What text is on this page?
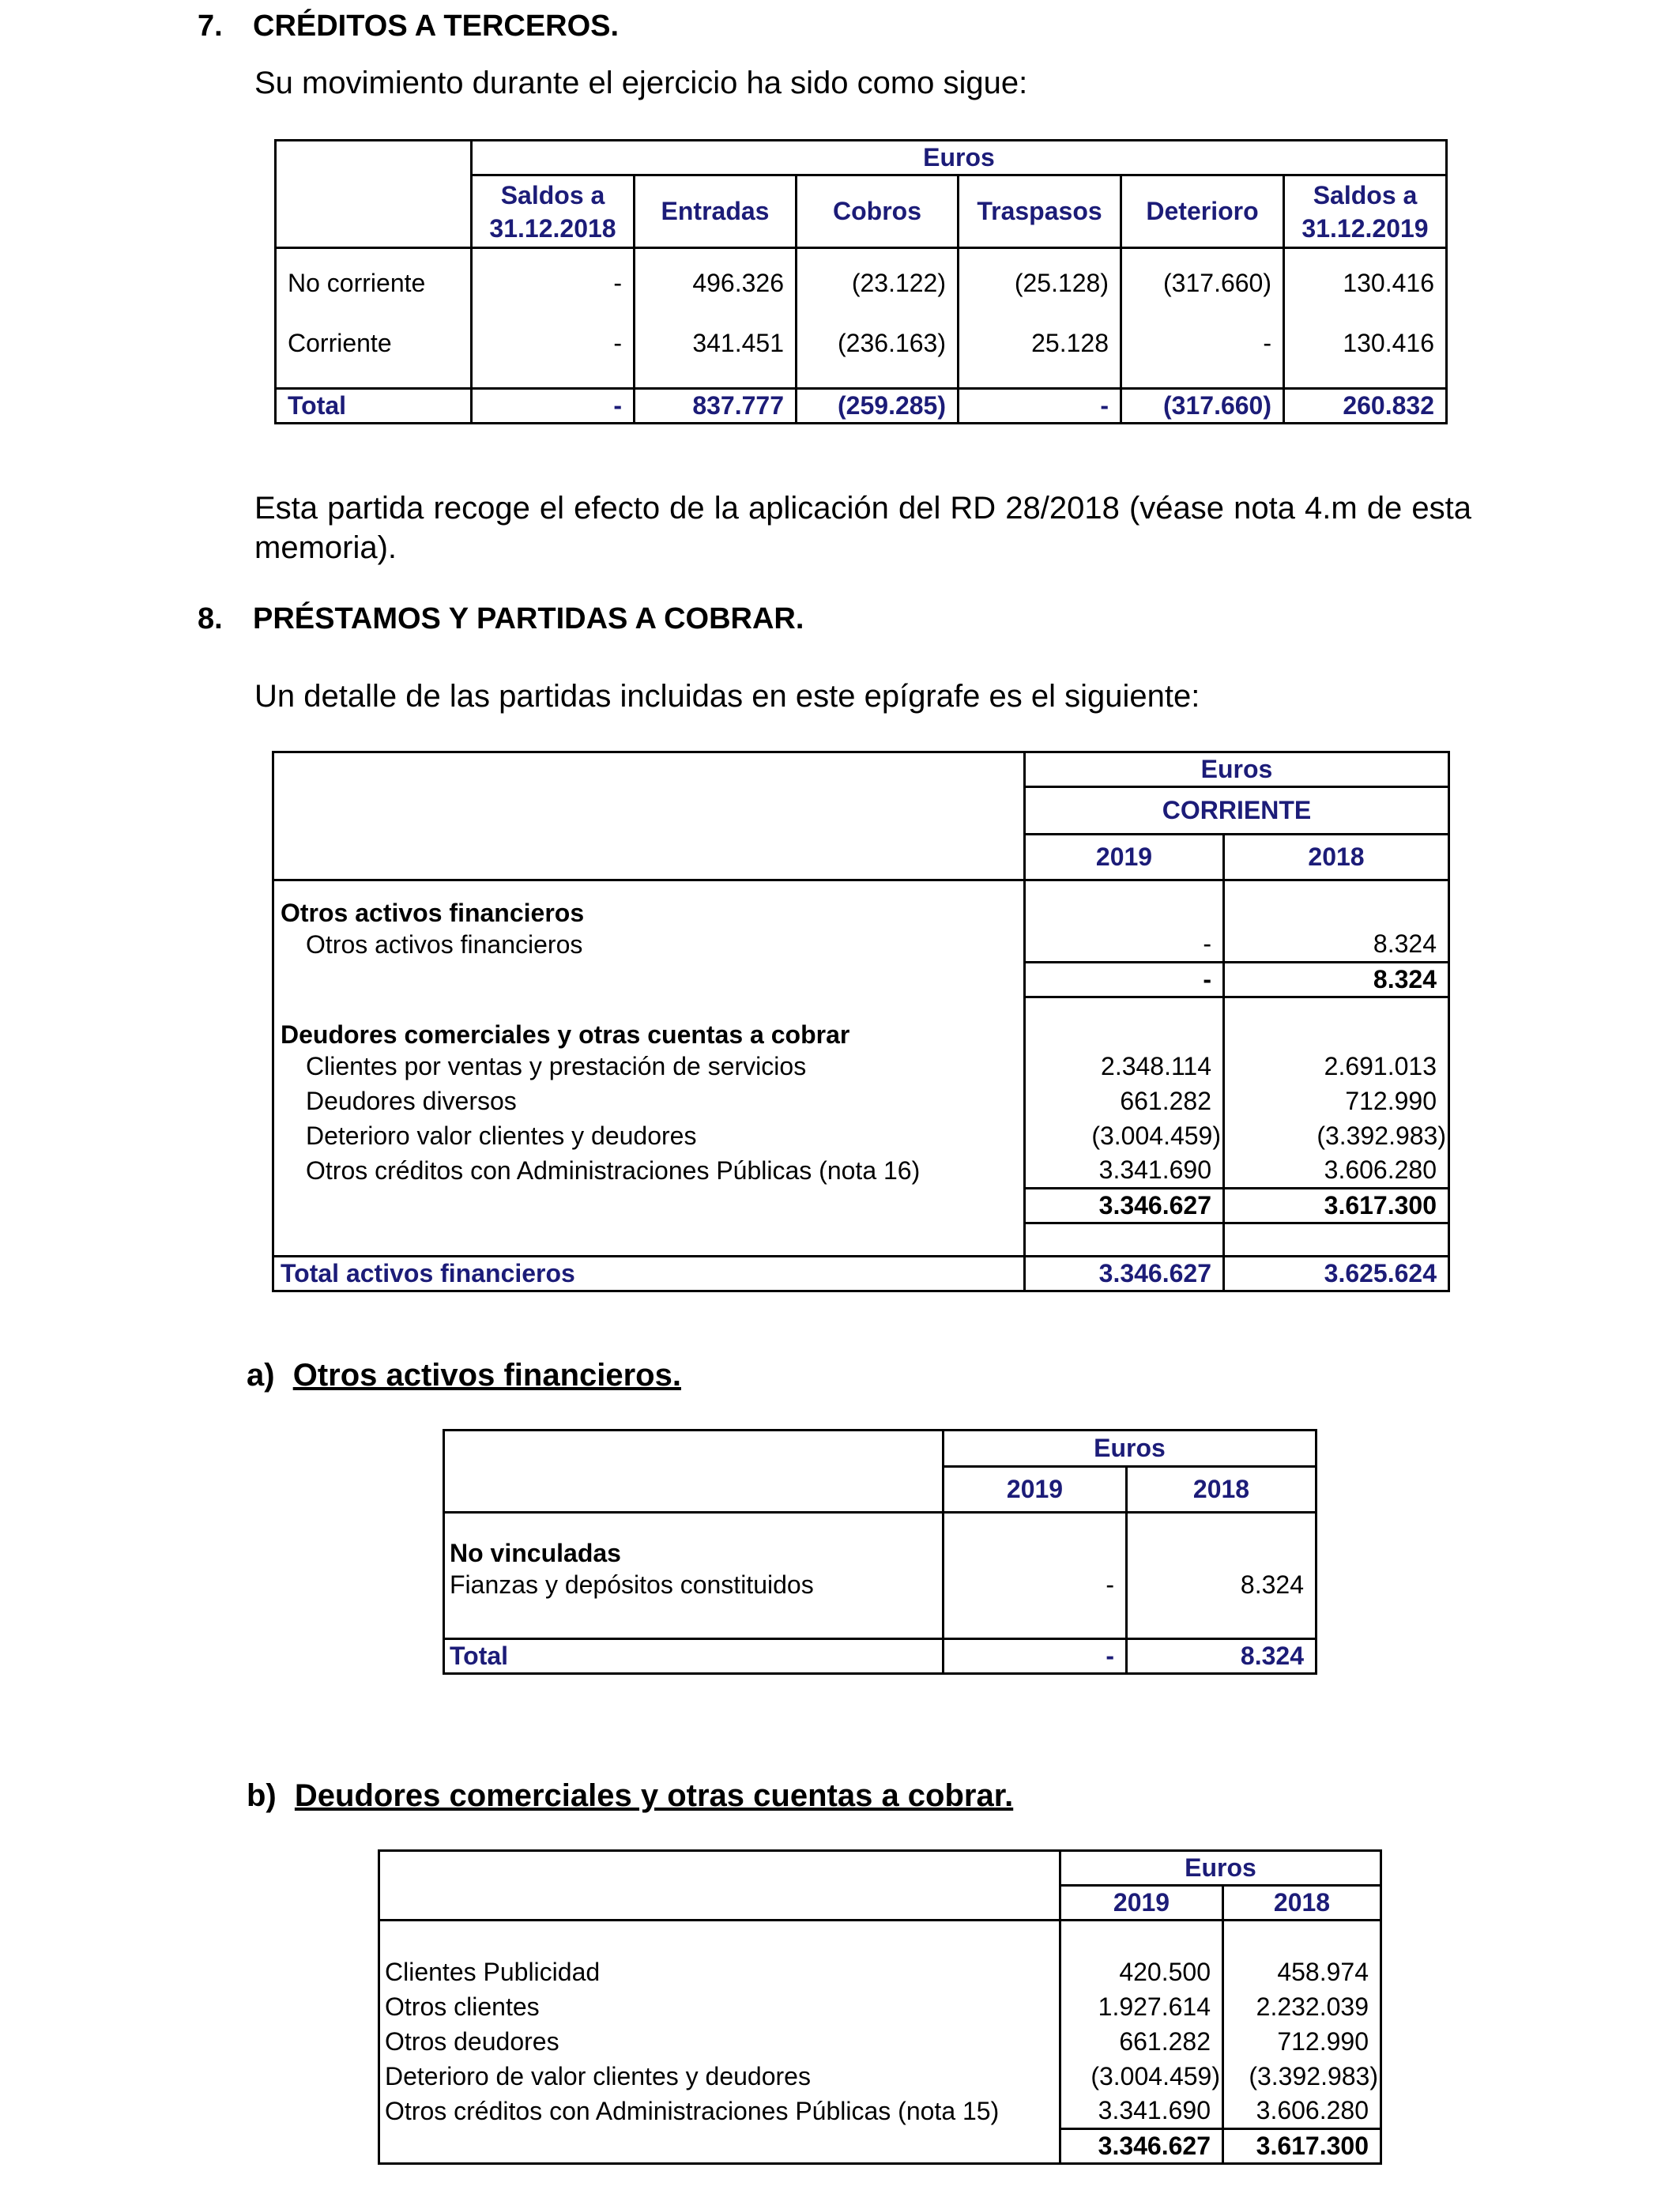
7. CRÉDITOS A TERCEROS.
Su movimiento durante el ejercicio ha sido como sigue:
	Euros					
	Saldos a 31.12.2018	Entradas	Cobros	Traspasos	Deterioro	Saldos a 31.12.2019
No corriente	-	496.326	(23.122)	(25.128)	(317.660)	130.416
Corriente	-	341.451	(236.163)	25.128	-	130.416
Total	-	837.777	(259.285)	-	(317.660)	260.832
Esta partida recoge el efecto de la aplicación del RD 28/2018 (véase nota 4.m de esta memoria).
8. PRÉSTAMOS Y PARTIDAS A COBRAR.
Un detalle de las partidas incluidas en este epígrafe es el siguiente:
	Euros	
	CORRIENTE	
	2019	2018
Otros activos financieros		
Otros activos financieros	-	8.324
	-	8.324
Deudores comerciales y otras cuentas a cobrar		
Clientes por ventas y prestación de servicios	2.348.114	2.691.013
Deudores diversos	661.282	712.990
Deterioro valor clientes y deudores	(3.004.459)	(3.392.983)
Otros créditos con Administraciones Públicas (nota 16)	3.341.690	3.606.280
	3.346.627	3.617.300

Total activos financieros	3.346.627	3.625.624
a) Otros activos financieros.
	Euros	
	2019	2018
No vinculadas		
Fianzas y depósitos constituidos	-	8.324

Total	-	8.324
b) Deudores comerciales y otras cuentas a cobrar.
	Euros	
	2019	2018

Clientes Publicidad	420.500	458.974
Otros clientes	1.927.614	2.232.039
Otros deudores	661.282	712.990
Deterioro de valor clientes y deudores	(3.004.459)	(3.392.983)
Otros créditos con Administraciones Públicas (nota 15)	3.341.690	3.606.280
	3.346.627	3.617.300
